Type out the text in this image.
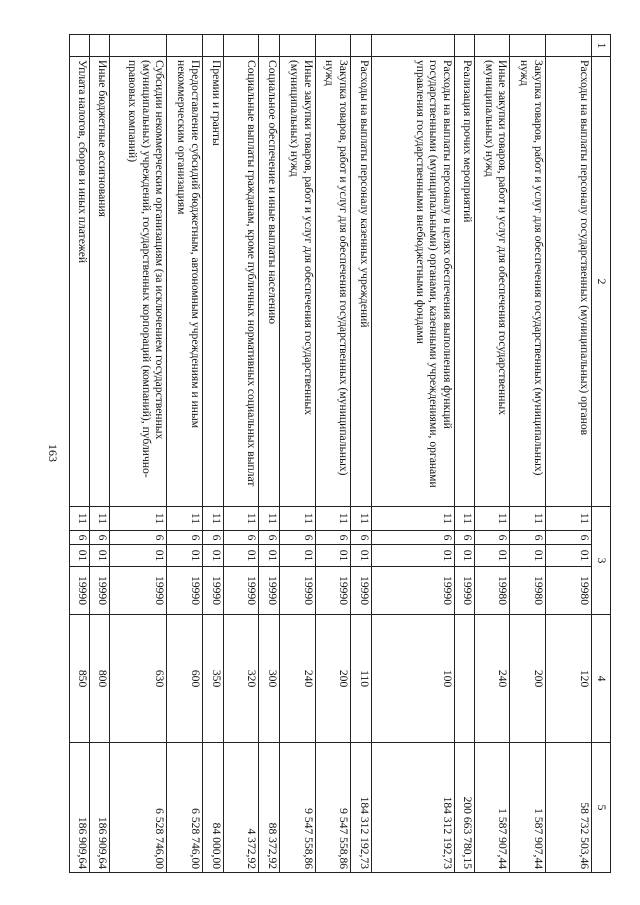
163
1	2	3				4	5
	Расходы на выплаты персоналу государственных (муниципальных) органов	11	6	01	19980	120	58 732 503,46
	Закупка товаров, работ и услуг для обеспечения государственных (муниципальных) нужд	11	6	01	19980	200	1 587 907,44
	Иные закупки товаров, работ и услуг для обеспечения государственных (муниципальных) нужд	11	6	01	19980	240	1 587 907,44
	Реализация прочих мероприятий	11	6	01	19990		200 663 780,15
	Расходы на выплаты персоналу в целях обеспечения выполнения функций государственными (муниципальными) органами, казенными учреждениями, органами управления государственными внебюджетными фондами	11	6	01	19990	100	184 312 192,73
	Расходы на выплаты персоналу казенных учреждений	11	6	01	19990	110	184 312 192,73
	Закупка товаров, работ и услуг для обеспечения государственных (муниципальных) нужд	11	6	01	19990	200	9 547 558,86
	Иные закупки товаров, работ и услуг для обеспечения государственных (муниципальных) нужд	11	6	01	19990	240	9 547 558,86
	Социальное обеспечение и иные выплаты населению	11	6	01	19990	300	88 372,92
	Социальные выплаты гражданам, кроме публичных нормативных социальных выплат	11	6	01	19990	320	4 372,92
	Премии и гранты	11	6	01	19990	350	84 000,00
	Предоставление субсидий бюджетным, автономным учреждениям и иным некоммерческим организациям	11	6	01	19990	600	6 528 746,00
	Субсидии некоммерческим организациям (за исключением государственных (муниципальных) учреждений, государственных корпораций (компаний), публично-правовых компаний)	11	6	01	19990	630	6 528 746,00
	Иные бюджетные ассигнования	11	6	01	19990	800	186 909,64
	Уплата налогов, сборов и иных платежей	11	6	01	19990	850	186 909,64
